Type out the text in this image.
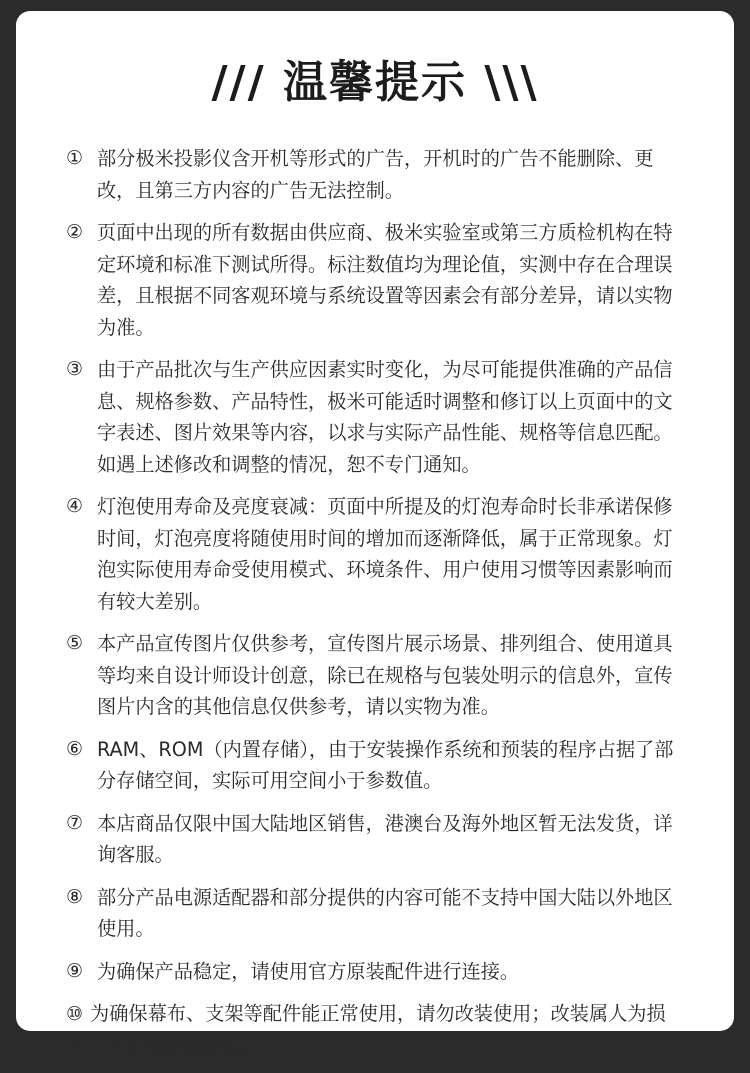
/// 温馨提示 \\\
① 部分极米投影仪含开机等形式的广告，开机时的广告不能删除、更改，且第三方内容的广告无法控制。
② 页面中出现的所有数据由供应商、极米实验室或第三方质检机构在特定环境和标准下测试所得。标注数值均为理论值，实测中存在合理误差，且根据不同客观环境与系统设置等因素会有部分差异，请以实物为准。
③ 由于产品批次与生产供应因素实时变化，为尽可能提供准确的产品信息、规格参数、产品特性，极米可能适时调整和修订以上页面中的文字表述、图片效果等内容，以求与实际产品性能、规格等信息匹配。如遇上述修改和调整的情况，恕不专门通知。
④ 灯泡使用寿命及亮度衰减：页面中所提及的灯泡寿命时长非承诺保修时间，灯泡亮度将随使用时间的增加而逐渐降低，属于正常现象。灯泡实际使用寿命受使用模式、环境条件、用户使用习惯等因素影响而有较大差别。
⑤ 本产品宣传图片仅供参考，宣传图片展示场景、排列组合、使用道具等均来自设计师设计创意，除已在规格与包装处明示的信息外，宣传图片内含的其他信息仅供参考，请以实物为准。
⑥ RAM、ROM（内置存储），由于安装操作系统和预装的程序占据了部分存储空间，实际可用空间小于参数值。
⑦ 本店商品仅限中国大陆地区销售，港澳台及海外地区暂无法发货，详询客服。
⑧ 部分产品电源适配器和部分提供的内容可能不支持中国大陆以外地区使用。
⑨ 为确保产品稳定，请使用官方原装配件进行连接。
⑩ 为确保幕布、支架等配件能正常使用，请勿改装使用；改装属人为损坏，不支持质保政策。
